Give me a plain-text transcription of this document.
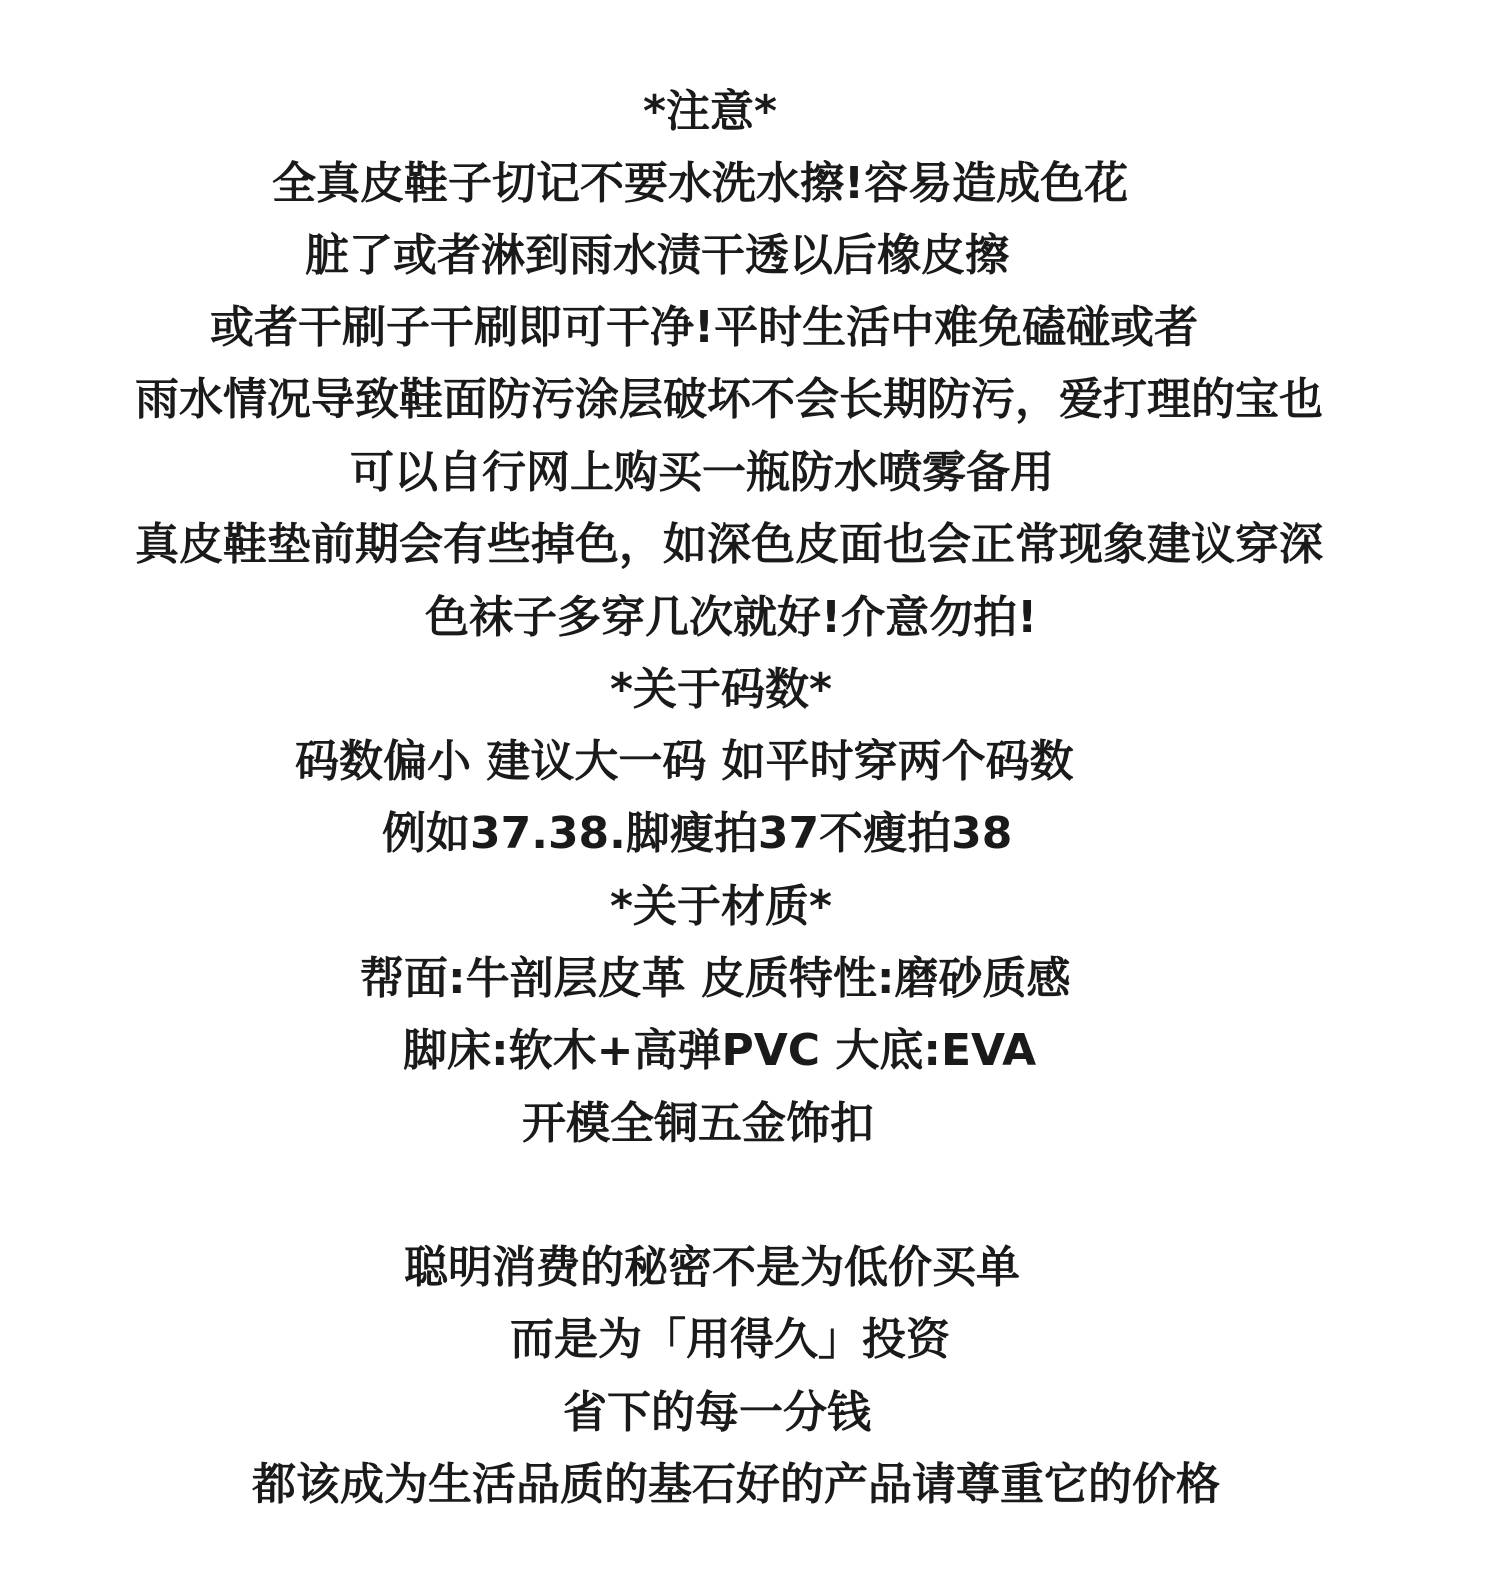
*注意*
全真皮鞋子切记不要水洗水擦!容易造成色花
脏了或者淋到雨水渍干透以后橡皮擦
或者干刷子干刷即可干净!平时生活中难免磕碰或者
雨水情况导致鞋面防污涂层破坏不会长期防污，爱打理的宝也
可以自行网上购买一瓶防水喷雾备用
真皮鞋垫前期会有些掉色，如深色皮面也会正常现象建议穿深
色袜子多穿几次就好!介意勿拍!
*关于码数*
码数偏小 建议大一码 如平时穿两个码数
例如37.38.脚瘦拍37不瘦拍38
*关于材质*
帮面:牛剖层皮革 皮质特性:磨砂质感
脚床:软木+高弹PVC 大底:EVA
开模全铜五金饰扣
聪明消费的秘密不是为低价买单
而是为「用得久」投资
省下的每一分钱
都该成为生活品质的基石好的产品请尊重它的价格
